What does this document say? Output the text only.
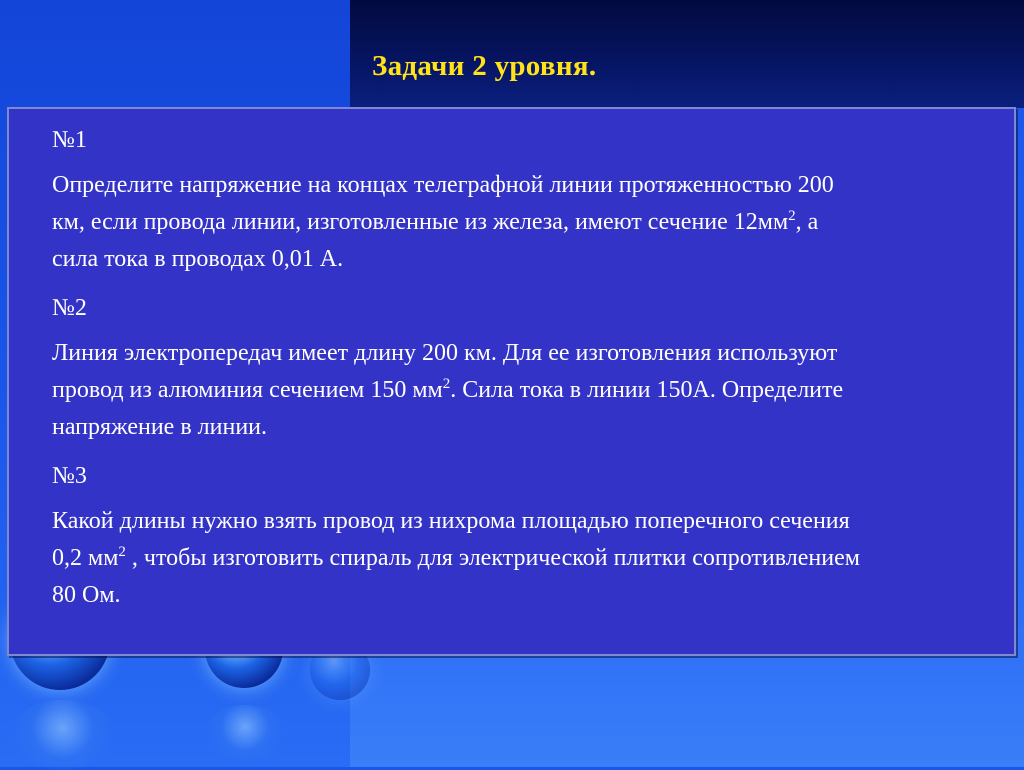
Задачи 2 уровня.

№1

Определите напряжение на концах телеграфной линии протяженностью 200

км, если провода линии, изготовленные из железа, имеют сечение $12мм^2$, а

сила тока в проводах 0,01 А.

№2

Линия электропередач имеет длину 200 км. Для ее изготовления используют

провод из алюминия сечением 150 $мм^2$. Сила тока в линии 150А. Определите

напряжение в линии.

№3

Какой длины нужно взять провод из нихрома площадью поперечного сечения

0,2 $мм^2$ , чтобы изготовить спираль для электрической плитки сопротивлением

80 Ом.
